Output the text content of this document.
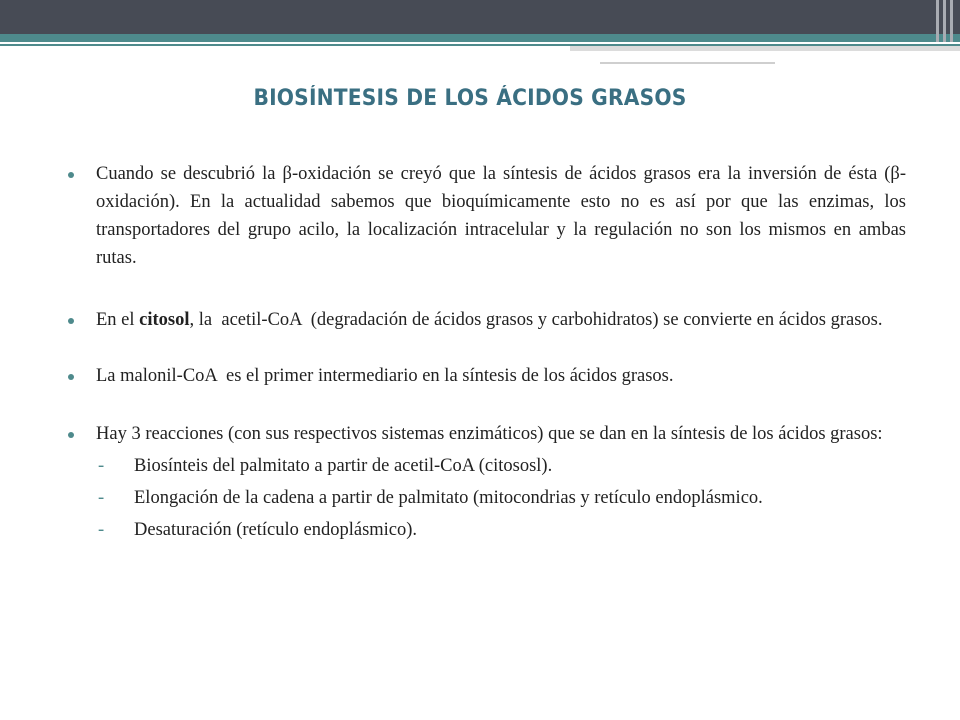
BIOSÍNTESIS DE LOS ÁCIDOS GRASOS
Cuando se descubrió la β-oxidación se creyó que la síntesis de ácidos grasos era la inversión de ésta (β-oxidación). En la actualidad sabemos que bioquímicamente esto no es así por que las enzimas, los transportadores del grupo acilo, la localización intracelular y la regulación no son los mismos en ambas rutas.
En el citosol, la  acetil-CoA  (degradación de ácidos grasos y carbohidratos) se convierte en ácidos grasos.
La malonil-CoA  es el primer intermediario en la síntesis de los ácidos grasos.
Hay 3 reacciones (con sus respectivos sistemas enzimáticos) que se dan en la síntesis de los ácidos grasos:
- Biosínteis del palmitato a partir de acetil-CoA (citososl).
- Elongación de la cadena a partir de palmitato (mitocondrias y retículo endoplásmico.
- Desaturación (retículo endoplásmico).
